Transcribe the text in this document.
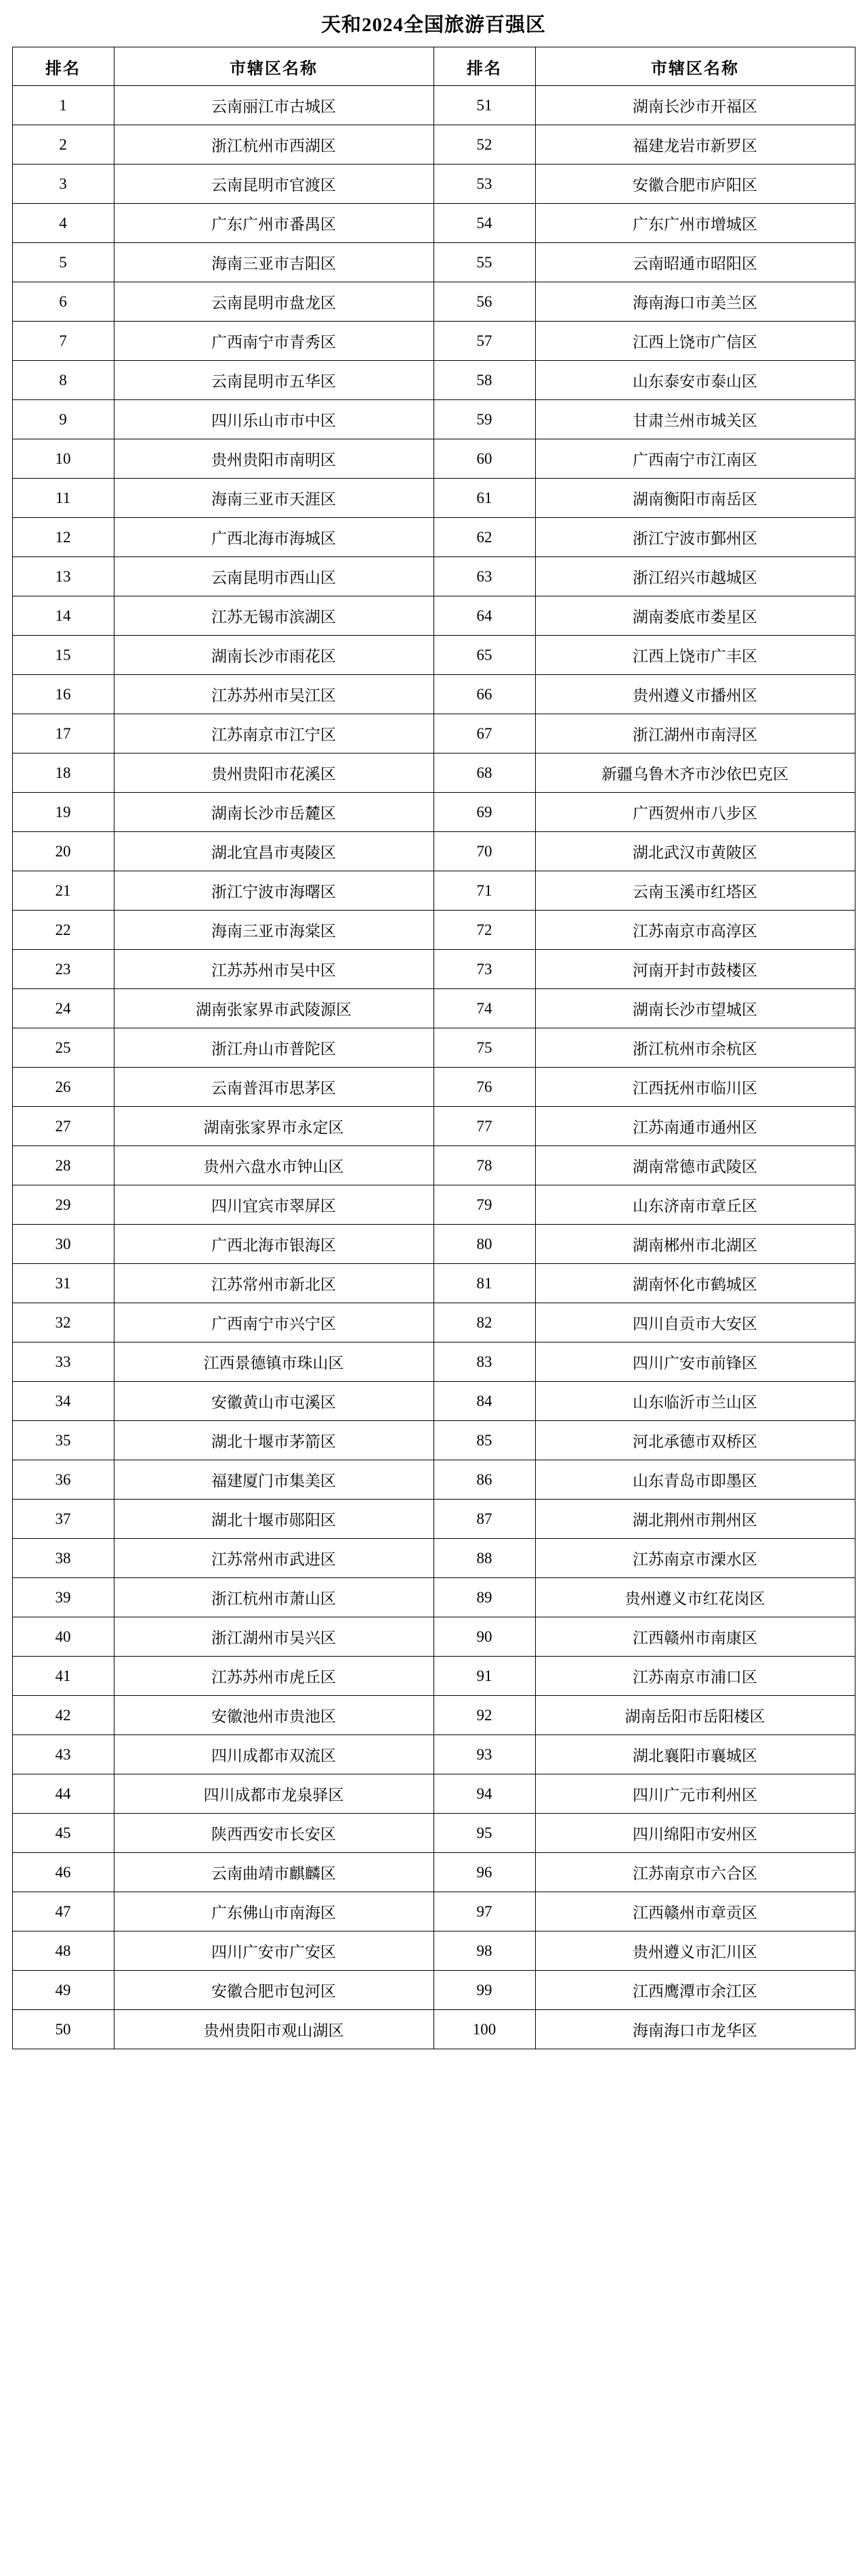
天和2024全国旅游百强区
排名	市辖区名称	排名	市辖区名称
1	云南丽江市古城区	51	湖南长沙市开福区
2	浙江杭州市西湖区	52	福建龙岩市新罗区
3	云南昆明市官渡区	53	安徽合肥市庐阳区
4	广东广州市番禺区	54	广东广州市增城区
5	海南三亚市吉阳区	55	云南昭通市昭阳区
6	云南昆明市盘龙区	56	海南海口市美兰区
7	广西南宁市青秀区	57	江西上饶市广信区
8	云南昆明市五华区	58	山东泰安市泰山区
9	四川乐山市市中区	59	甘肃兰州市城关区
10	贵州贵阳市南明区	60	广西南宁市江南区
11	海南三亚市天涯区	61	湖南衡阳市南岳区
12	广西北海市海城区	62	浙江宁波市鄞州区
13	云南昆明市西山区	63	浙江绍兴市越城区
14	江苏无锡市滨湖区	64	湖南娄底市娄星区
15	湖南长沙市雨花区	65	江西上饶市广丰区
16	江苏苏州市吴江区	66	贵州遵义市播州区
17	江苏南京市江宁区	67	浙江湖州市南浔区
18	贵州贵阳市花溪区	68	新疆乌鲁木齐市沙依巴克区
19	湖南长沙市岳麓区	69	广西贺州市八步区
20	湖北宜昌市夷陵区	70	湖北武汉市黄陂区
21	浙江宁波市海曙区	71	云南玉溪市红塔区
22	海南三亚市海棠区	72	江苏南京市高淳区
23	江苏苏州市吴中区	73	河南开封市鼓楼区
24	湖南张家界市武陵源区	74	湖南长沙市望城区
25	浙江舟山市普陀区	75	浙江杭州市余杭区
26	云南普洱市思茅区	76	江西抚州市临川区
27	湖南张家界市永定区	77	江苏南通市通州区
28	贵州六盘水市钟山区	78	湖南常德市武陵区
29	四川宜宾市翠屏区	79	山东济南市章丘区
30	广西北海市银海区	80	湖南郴州市北湖区
31	江苏常州市新北区	81	湖南怀化市鹤城区
32	广西南宁市兴宁区	82	四川自贡市大安区
33	江西景德镇市珠山区	83	四川广安市前锋区
34	安徽黄山市屯溪区	84	山东临沂市兰山区
35	湖北十堰市茅箭区	85	河北承德市双桥区
36	福建厦门市集美区	86	山东青岛市即墨区
37	湖北十堰市郧阳区	87	湖北荆州市荆州区
38	江苏常州市武进区	88	江苏南京市溧水区
39	浙江杭州市萧山区	89	贵州遵义市红花岗区
40	浙江湖州市吴兴区	90	江西赣州市南康区
41	江苏苏州市虎丘区	91	江苏南京市浦口区
42	安徽池州市贵池区	92	湖南岳阳市岳阳楼区
43	四川成都市双流区	93	湖北襄阳市襄城区
44	四川成都市龙泉驿区	94	四川广元市利州区
45	陕西西安市长安区	95	四川绵阳市安州区
46	云南曲靖市麒麟区	96	江苏南京市六合区
47	广东佛山市南海区	97	江西赣州市章贡区
48	四川广安市广安区	98	贵州遵义市汇川区
49	安徽合肥市包河区	99	江西鹰潭市余江区
50	贵州贵阳市观山湖区	100	海南海口市龙华区
